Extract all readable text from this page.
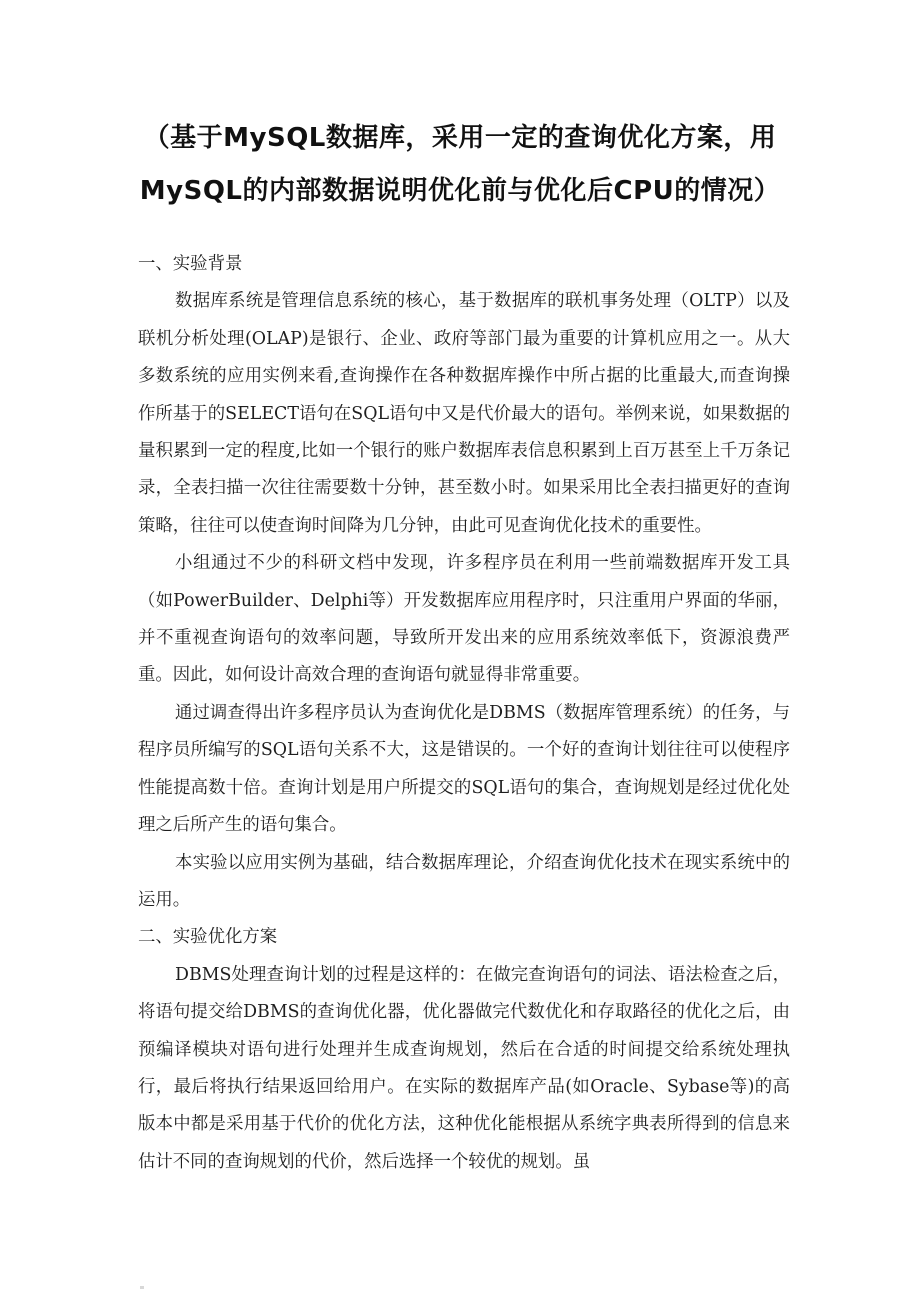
（基于MySQL数据库，采用一定的查询优化方案，用
MySQL的内部数据说明优化前与优化后CPU的情况）

一、实验背景

数据库系统是管理信息系统的核心，基于数据库的联机事务处理（OLTP）以及联机分析处理(OLAP)是银行、企业、政府等部门最为重要的计算机应用之一。从大多数系统的应用实例来看,查询操作在各种数据库操作中所占据的比重最大,而查询操作所基于的SELECT语句在SQL语句中又是代价最大的语句。举例来说，如果数据的量积累到一定的程度,比如一个银行的账户数据库表信息积累到上百万甚至上千万条记录，全表扫描一次往往需要数十分钟，甚至数小时。如果采用比全表扫描更好的查询策略，往往可以使查询时间降为几分钟，由此可见查询优化技术的重要性。

小组通过不少的科研文档中发现，许多程序员在利用一些前端数据库开发工具（如PowerBuilder、Delphi等）开发数据库应用程序时，只注重用户界面的华丽，并不重视查询语句的效率问题，导致所开发出来的应用系统效率低下，资源浪费严重。因此，如何设计高效合理的查询语句就显得非常重要。

通过调查得出许多程序员认为查询优化是DBMS（数据库管理系统）的任务，与程序员所编写的SQL语句关系不大，这是错误的。一个好的查询计划往往可以使程序性能提高数十倍。查询计划是用户所提交的SQL语句的集合，查询规划是经过优化处理之后所产生的语句集合。

本实验以应用实例为基础，结合数据库理论，介绍查询优化技术在现实系统中的运用。

二、实验优化方案

DBMS处理查询计划的过程是这样的：在做完查询语句的词法、语法检查之后，将语句提交给DBMS的查询优化器，优化器做完代数优化和存取路径的优化之后，由预编译模块对语句进行处理并生成查询规划，然后在合适的时间提交给系统处理执行，最后将执行结果返回给用户。在实际的数据库产品(如Oracle、Sybase等)的高版本中都是采用基于代价的优化方法，这种优化能根据从系统字典表所得到的信息来估计不同的查询规划的代价，然后选择一个较优的规划。虽
